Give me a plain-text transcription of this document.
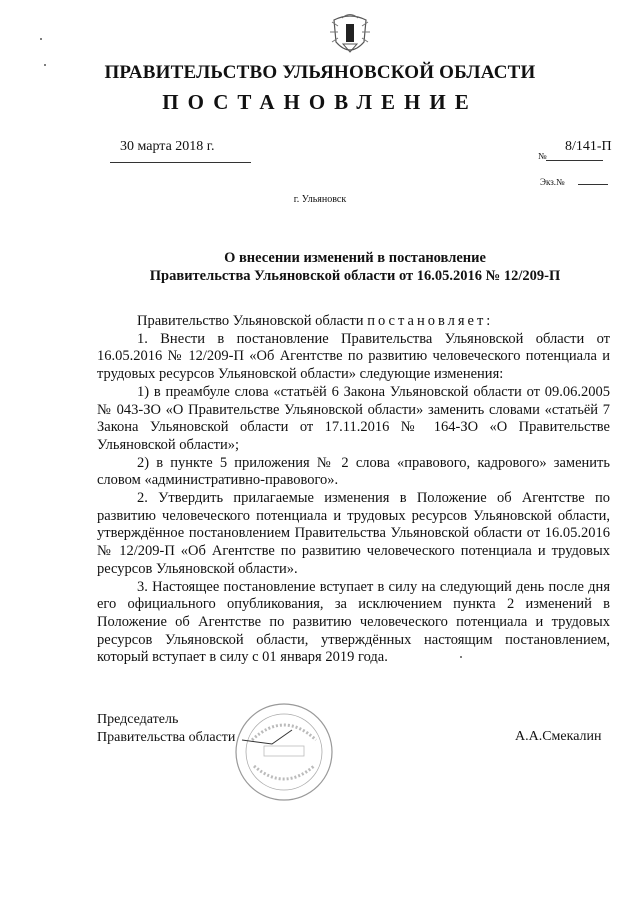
ПРАВИТЕЛЬСТВО УЛЬЯНОВСКОЙ ОБЛАСТИ
ПОСТАНОВЛЕНИЕ
30 марта 2018 г.
№
8/141-П
Экз.№
г. Ульяновск
О внесении изменений в постановление
Правительства Ульяновской области от 16.05.2016 № 12/209-П

Правительство Ульяновской области постановляет:

1. Внести в постановление Правительства Ульяновской области от 16.05.2016 № 12/209-П «Об Агентстве по развитию человеческого потенциала и трудовых ресурсов Ульяновской области» следующие изменения:

1) в преамбуле слова «статьёй 6 Закона Ульяновской области от 09.06.2005 № 043-ЗО «О Правительстве Ульяновской области» заменить словами «статьёй 7 Закона Ульяновской области от 17.11.2016 № 164-ЗО «О Правительстве Ульяновской области»;

2) в пункте 5 приложения № 2 слова «правового, кадрового» заменить словом «административно-правового».

2. Утвердить прилагаемые изменения в Положение об Агентстве по развитию человеческого потенциала и трудовых ресурсов Ульяновской области, утверждённое постановлением Правительства Ульяновской области от 16.05.2016 № 12/209-П «Об Агентстве по развитию человеческого потенциала и трудовых ресурсов Ульяновской области».

3. Настоящее постановление вступает в силу на следующий день после дня его официального опубликования, за исключением пункта 2 изменений в Положение об Агентстве по развитию человеческого потенциала и трудовых ресурсов Ульяновской области, утверждённых настоящим постановлением, который вступает в силу с 01 января 2019 года.

Председатель
Правительства области	А.А.Смекалин
